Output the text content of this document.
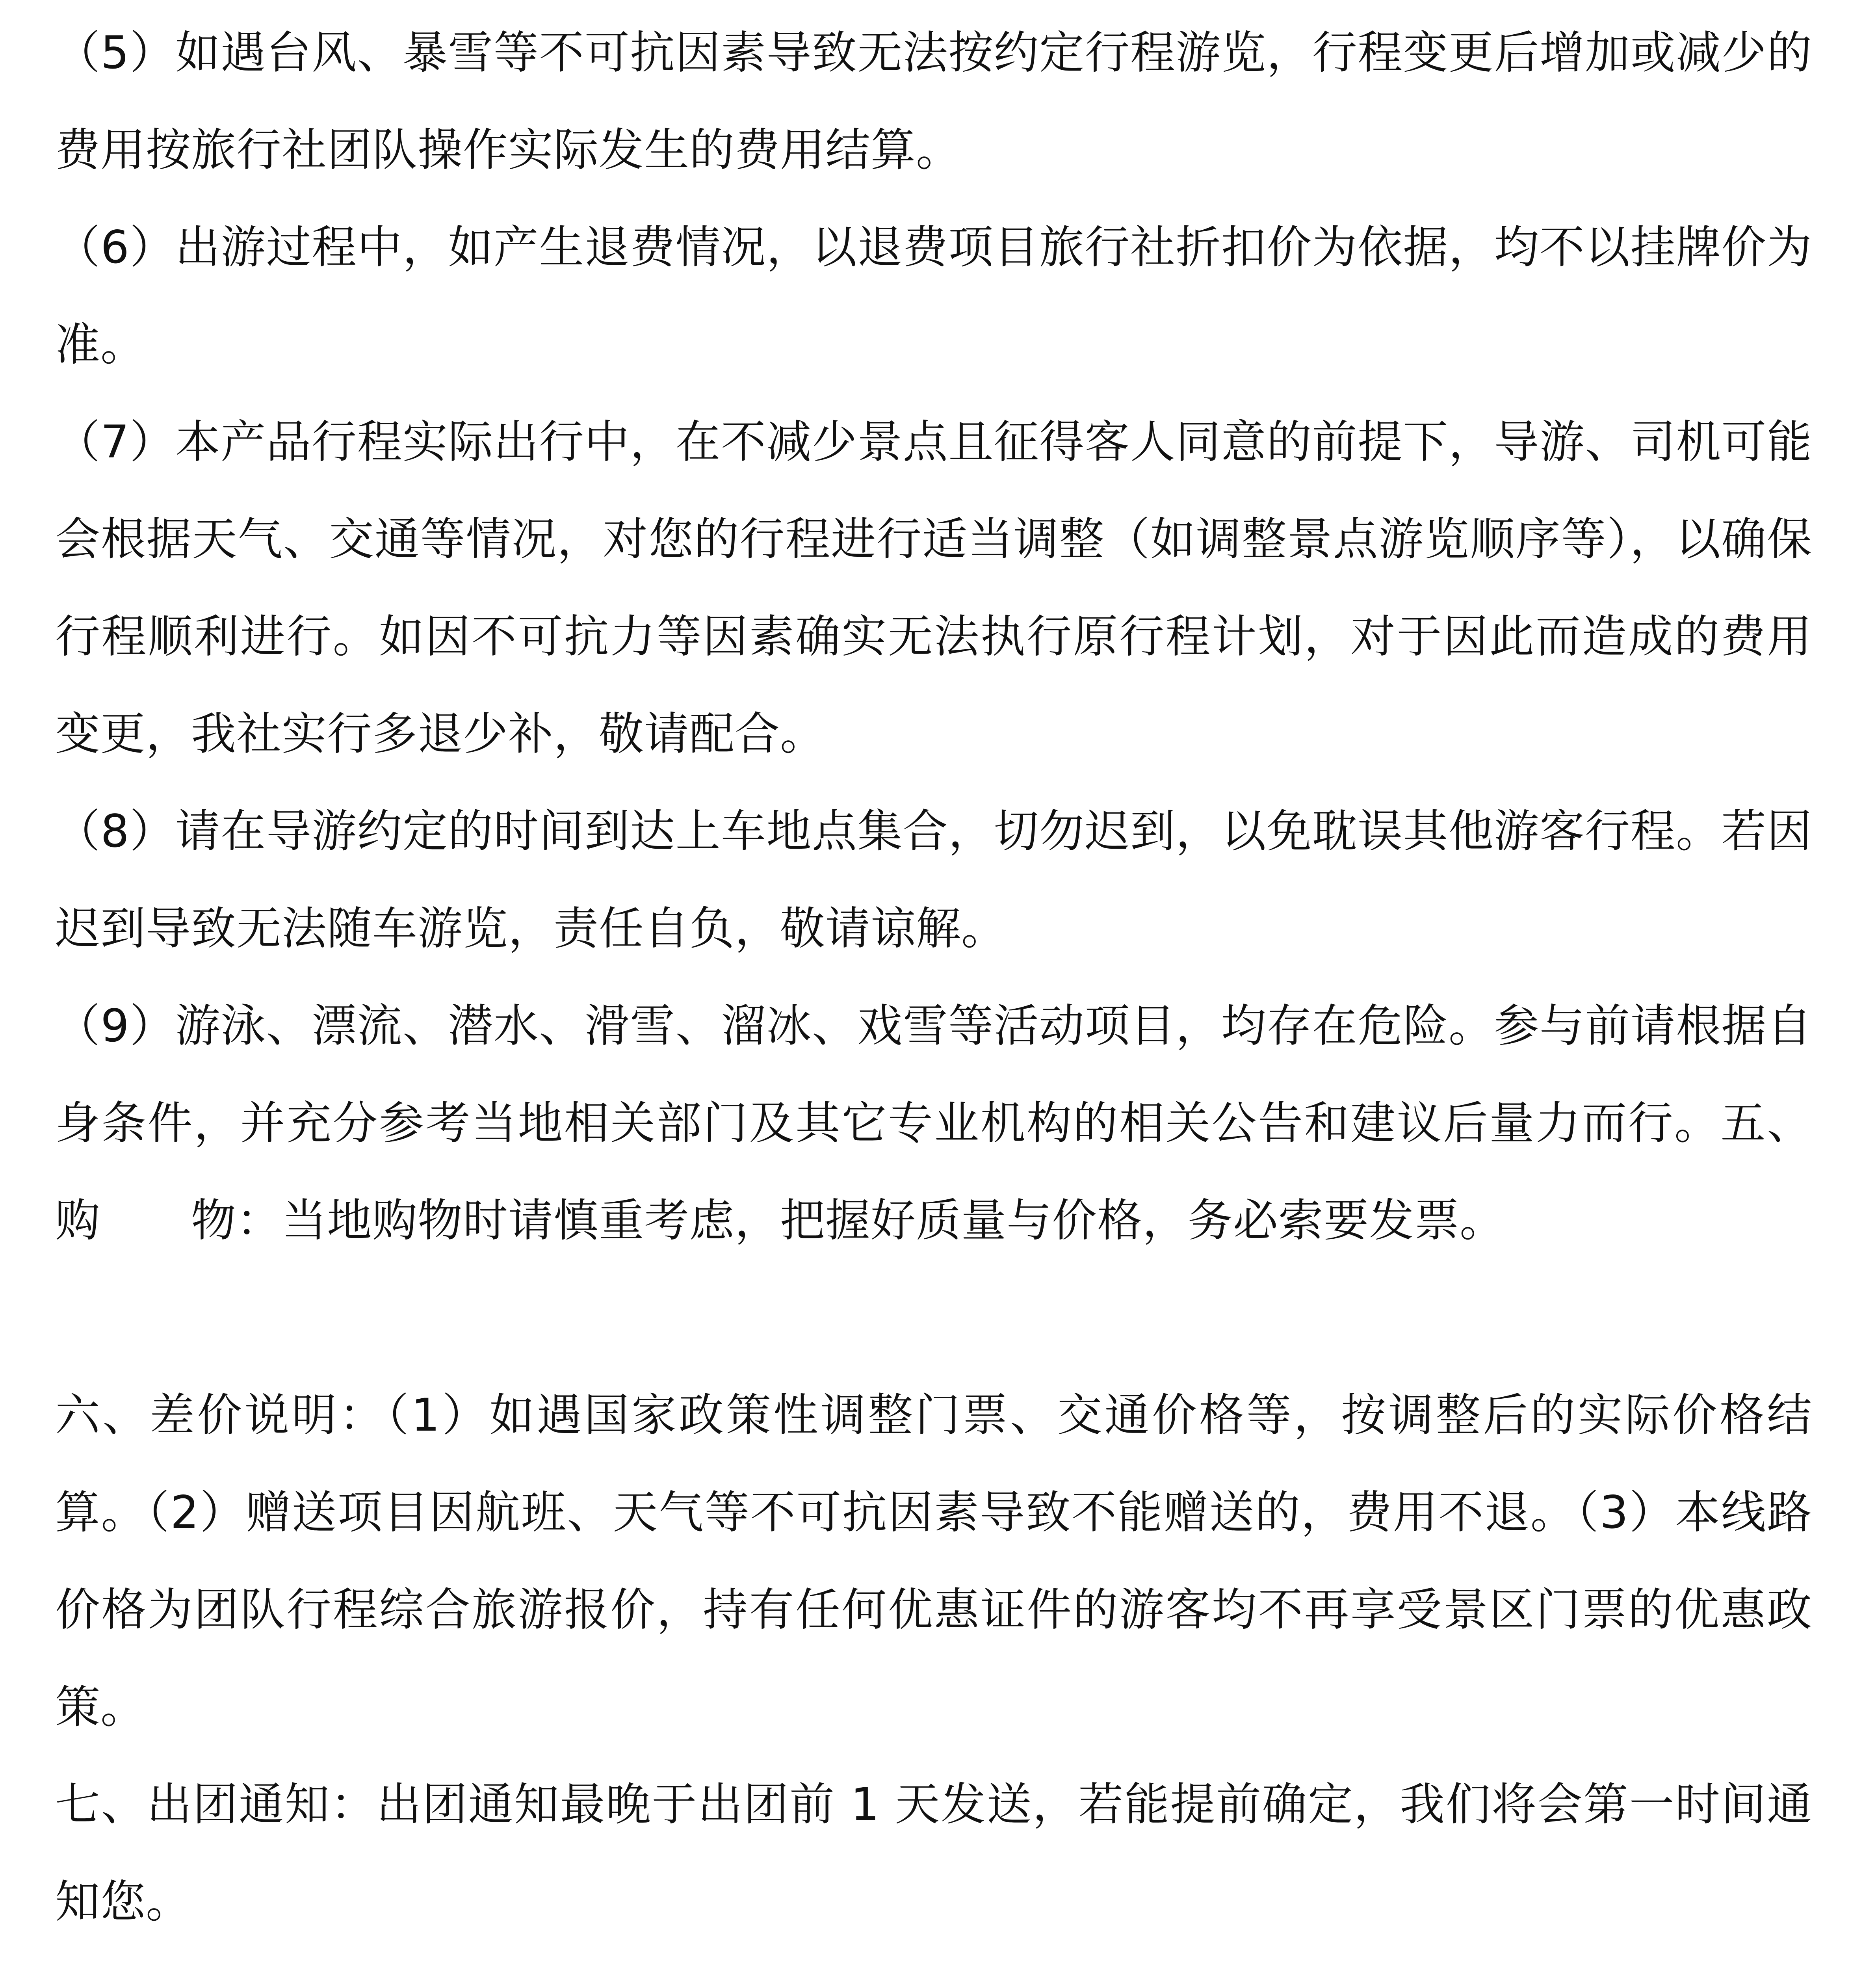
（5）如遇台风、暴雪等不可抗因素导致无法按约定行程游览，行程变更后增加或减少的费用按旅行社团队操作实际发生的费用结算。

（6）出游过程中，如产生退费情况，以退费项目旅行社折扣价为依据，均不以挂牌价为准。

（7）本产品行程实际出行中，在不减少景点且征得客人同意的前提下，导游、司机可能会根据天气、交通等情况，对您的行程进行适当调整（如调整景点游览顺序等），以确保行程顺利进行。如因不可抗力等因素确实无法执行原行程计划，对于因此而造成的费用变更，我社实行多退少补，敬请配合。

（8）请在导游约定的时间到达上车地点集合，切勿迟到，以免耽误其他游客行程。若因迟到导致无法随车游览，责任自负，敬请谅解。

（9）游泳、漂流、潜水、滑雪、溜冰、戏雪等活动项目，均存在危险。参与前请根据自身条件，并充分参考当地相关部门及其它专业机构的相关公告和建议后量力而行。五、购　　物：当地购物时请慎重考虑，把握好质量与价格，务必索要发票。

六、差价说明：（1）如遇国家政策性调整门票、交通价格等，按调整后的实际价格结算。（2）赠送项目因航班、天气等不可抗因素导致不能赠送的，费用不退。（3）本线路价格为团队行程综合旅游报价，持有任何优惠证件的游客均不再享受景区门票的优惠政策。

七、出团通知：出团通知最晚于出团前 1 天发送，若能提前确定，我们将会第一时间通知您。
